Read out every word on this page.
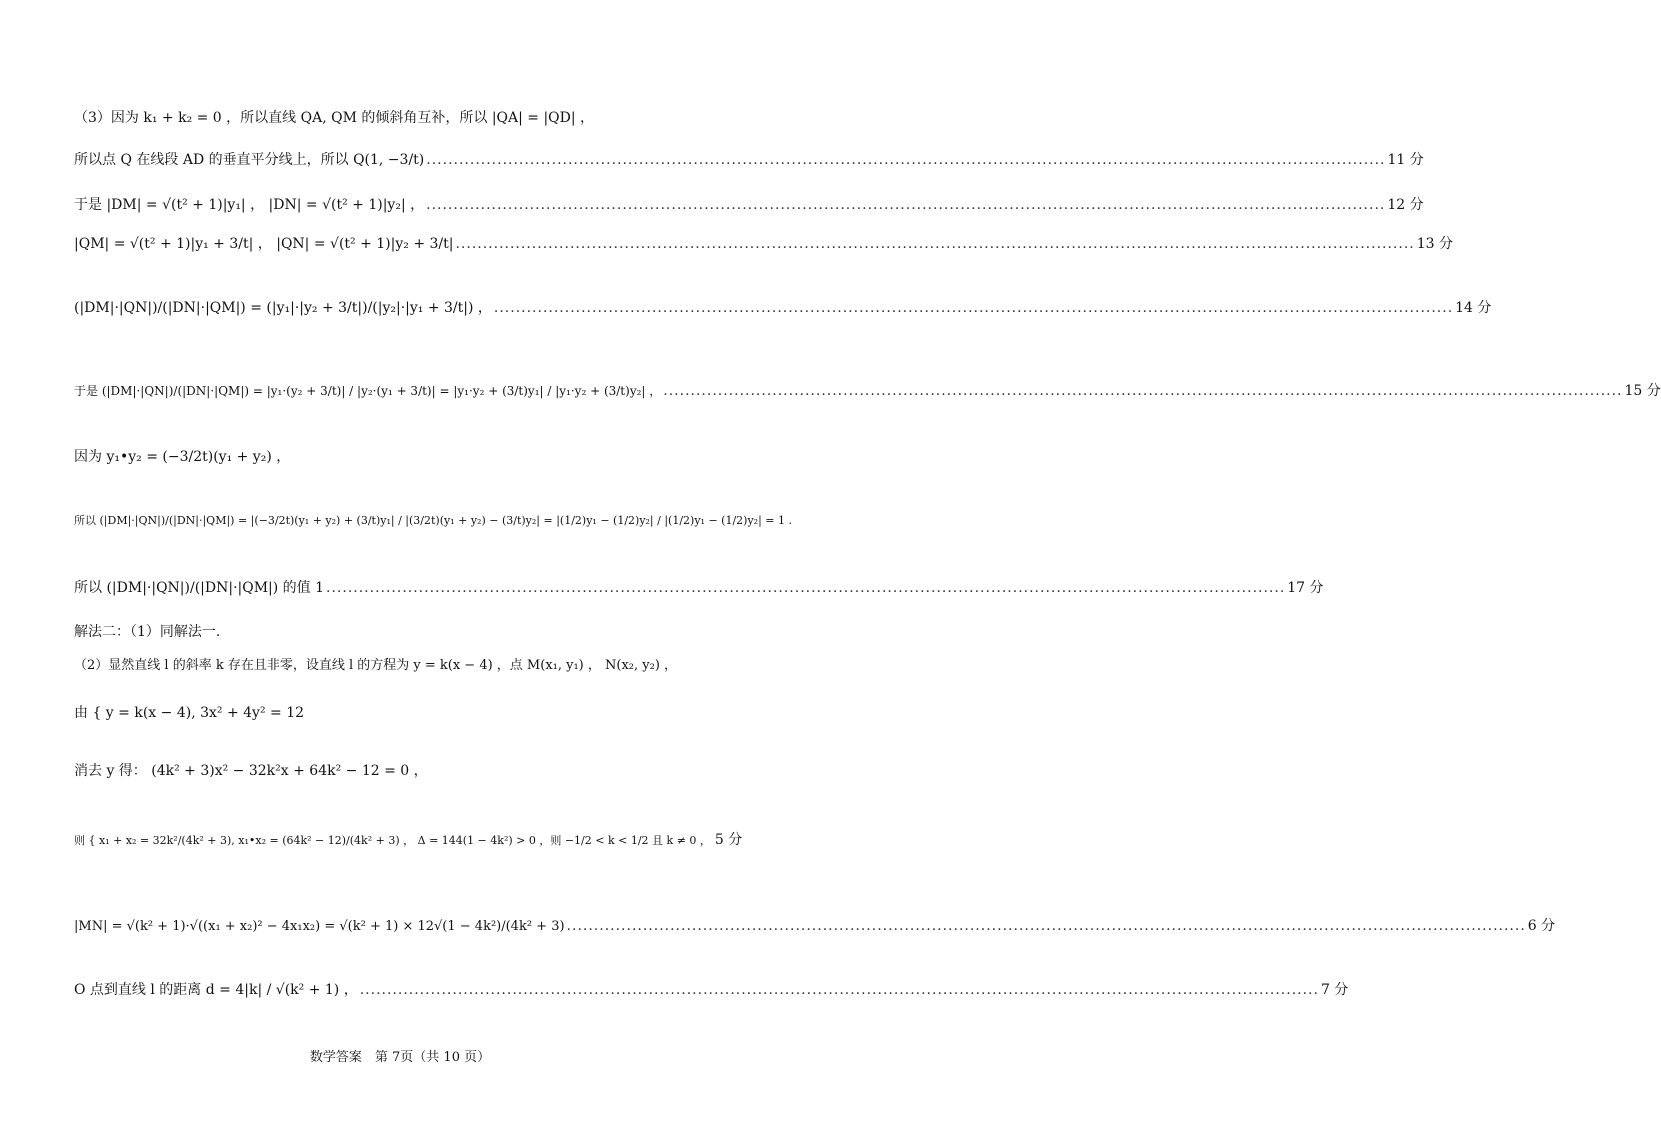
（3）因为 k₁ + k₂ = 0 ，所以直线 QA, QM 的倾斜角互补，所以 |QA| = |QD| ，
所以点 Q 在线段 AD 的垂直平分线上，所以 Q(1, −3/t) ................................................................................................................................................................................ 11 分
于是 |DM| = √(t² + 1)|y₁| ， |DN| = √(t² + 1)|y₂| ， ................................................................................................................................................................................ 12 分
|QM| = √(t² + 1)|y₁ + 3/t| ， |QN| = √(t² + 1)|y₂ + 3/t| ................................................................................................................................................................................ 13 分
(|DM|·|QN|)/(|DN|·|QM|) = (|y₁|·|y₂ + 3/t|)/(|y₂|·|y₁ + 3/t|) ， ................................................................................................................................................................................ 14 分
于是 (|DM|·|QN|)/(|DN|·|QM|) = |y₁·(y₂ + 3/t)| / |y₂·(y₁ + 3/t)| = |y₁·y₂ + (3/t)y₁| / |y₁·y₂ + (3/t)y₂| ， ................................................................................................................................................................................ 15 分
因为 y₁•y₂ = (−3/2t)(y₁ + y₂) ，
所以 (|DM|·|QN|)/(|DN|·|QM|) = |(−3/2t)(y₁ + y₂) + (3/t)y₁| / |(3/2t)(y₁ + y₂) − (3/t)y₂| = |(1/2)y₁ − (1/2)y₂| / |(1/2)y₁ − (1/2)y₂| = 1 .
所以 (|DM|·|QN|)/(|DN|·|QM|) 的值 1 ................................................................................................................................................................................ 17 分
解法二：（1）同解法一.
（2）显然直线 l 的斜率 k 存在且非零，设直线 l 的方程为 y = k(x − 4) ，点 M(x₁, y₁) ， N(x₂, y₂) ，
由 { y = k(x − 4), 3x² + 4y² = 12
消去 y 得： (4k² + 3)x² − 32k²x + 64k² − 12 = 0 ，
则 { x₁ + x₂ = 32k²/(4k² + 3), x₁•x₂ = (64k² − 12)/(4k² + 3) ， Δ = 144(1 − 4k²) > 0 ，则 −1/2 < k < 1/2 且 k ≠ 0 ， 5 分
|MN| = √(k² + 1)·√((x₁ + x₂)² − 4x₁x₂) = √(k² + 1) × 12√(1 − 4k²)/(4k² + 3) ................................................................................................................................................................................ 6 分
O 点到直线 l 的距离 d = 4|k| / √(k² + 1) ， ................................................................................................................................................................................ 7 分
数学答案　第 7页（共 10 页）
